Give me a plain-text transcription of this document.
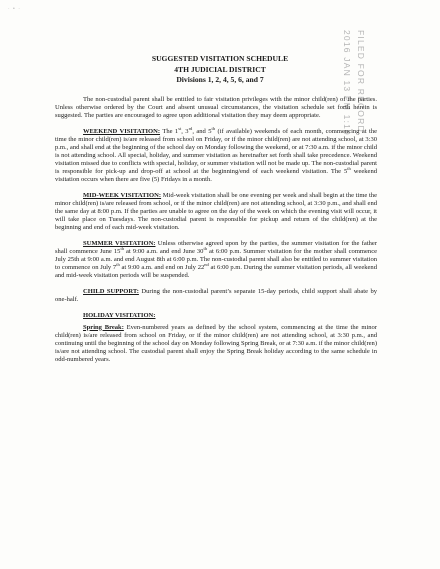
· • ·
2016 JAN 13 PM 1:19 FILED FOR RECORD
SUGGESTED VISITATION SCHEDULE
4TH JUDICIAL DISTRICT
Divisions 1, 2, 4, 5, 6, and 7

The non-custodial parent shall be entitled to fair visitation privileges with the minor child(ren) of the parties. Unless otherwise ordered by the Court and absent unusual circumstances, the visitation schedule set forth herein is suggested. The parties are encouraged to agree upon additional visitation they may deem appropriate.

WEEKEND VISITATION: The 1st, 3rd, and 5th (if available) weekends of each month, commencing at the time the minor child(ren) is/are released from school on Friday, or if the minor child(ren) are not attending school, at 3:30 p.m., and shall end at the beginning of the school day on Monday following the weekend, or at 7:30 a.m. if the minor child is not attending school. All special, holiday, and summer visitation as hereinafter set forth shall take precedence. Weekend visitation missed due to conflicts with special, holiday, or summer visitation will not be made up. The non-custodial parent is responsible for pick-up and drop-off at school at the beginning/end of each weekend visitation. The 5th weekend visitation occurs when there are five (5) Fridays in a month.

MID-WEEK VISITATION: Mid-week visitation shall be one evening per week and shall begin at the time the minor child(ren) is/are released from school, or if the minor child(ren) are not attending school, at 3:30 p.m., and shall end the same day at 8:00 p.m. If the parties are unable to agree on the day of the week on which the evening visit will occur, it will take place on Tuesdays. The non-custodial parent is responsible for pickup and return of the child(ren) at the beginning and end of each mid-week visitation.

SUMMER VISITATION: Unless otherwise agreed upon by the parties, the summer visitation for the father shall commence June 15th at 9:00 a.m. and end June 30th at 6:00 p.m. Summer visitation for the mother shall commence July 25th at 9:00 a.m. and end August 8th at 6:00 p.m. The non-custodial parent shall also be entitled to summer visitation to commence on July 7th at 9:00 a.m. and end on July 22nd at 6:00 p.m. During the summer visitation periods, all weekend and mid-week visitation periods will be suspended.

CHILD SUPPORT: During the non-custodial parent’s separate 15-day periods, child support shall abate by one-half.

HOLIDAY VISITATION:

Spring Break: Even-numbered years as defined by the school system, commencing at the time the minor child(ren) is/are released from school on Friday, or if the minor child(ren) are not attending school, at 3:30 p.m., and continuing until the beginning of the school day on Monday following Spring Break, or at 7:30 a.m. if the minor child(ren) is/are not attending school. The custodial parent shall enjoy the Spring Break holiday according to the same schedule in odd-numbered years.
